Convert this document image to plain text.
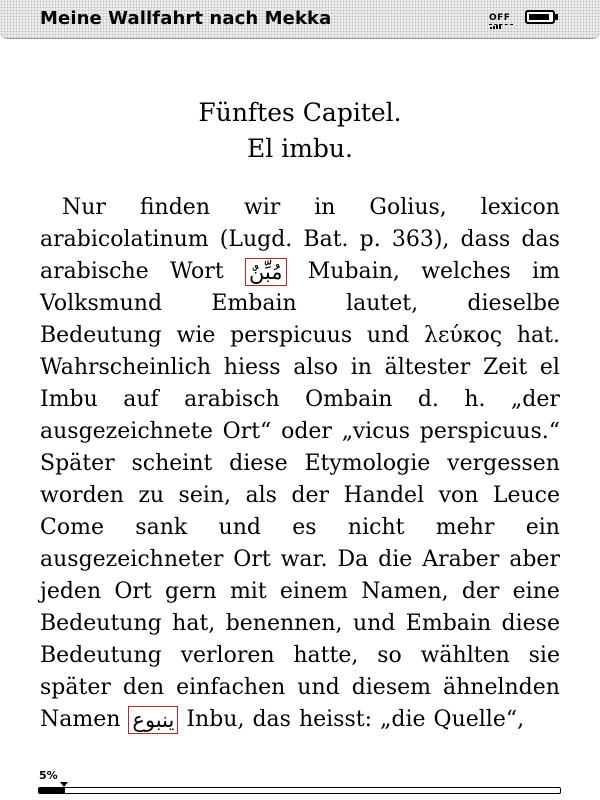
Meine Wallfahrt nach Mekka	OFF
Fünftes Capitel.
El imbu.
Nur finden wir in Golius, lexicon
arabicolatinum (Lugd. Bat. p. 363), dass das
arabische Wort مُبِّنٌ Mubain, welches im
Volksmund Embain lautet, dieselbe
Bedeutung wie perspicuus und λεύκος hat.
Wahrscheinlich hiess also in ältester Zeit el
Imbu auf arabisch Ombain d. h. „der
ausgezeichnete Ort“ oder „vicus perspicuus.“
Später scheint diese Etymologie vergessen
worden zu sein, als der Handel von Leuce
Come sank und es nicht mehr ein
ausgezeichneter Ort war. Da die Araber aber
jeden Ort gern mit einem Namen, der eine
Bedeutung hat, benennen, und Embain diese
Bedeutung verloren hatte, so wählten sie
später den einfachen und diesem ähnelnden
Namen ينبوع Inbu, das heisst: „die Quelle“,
5%
